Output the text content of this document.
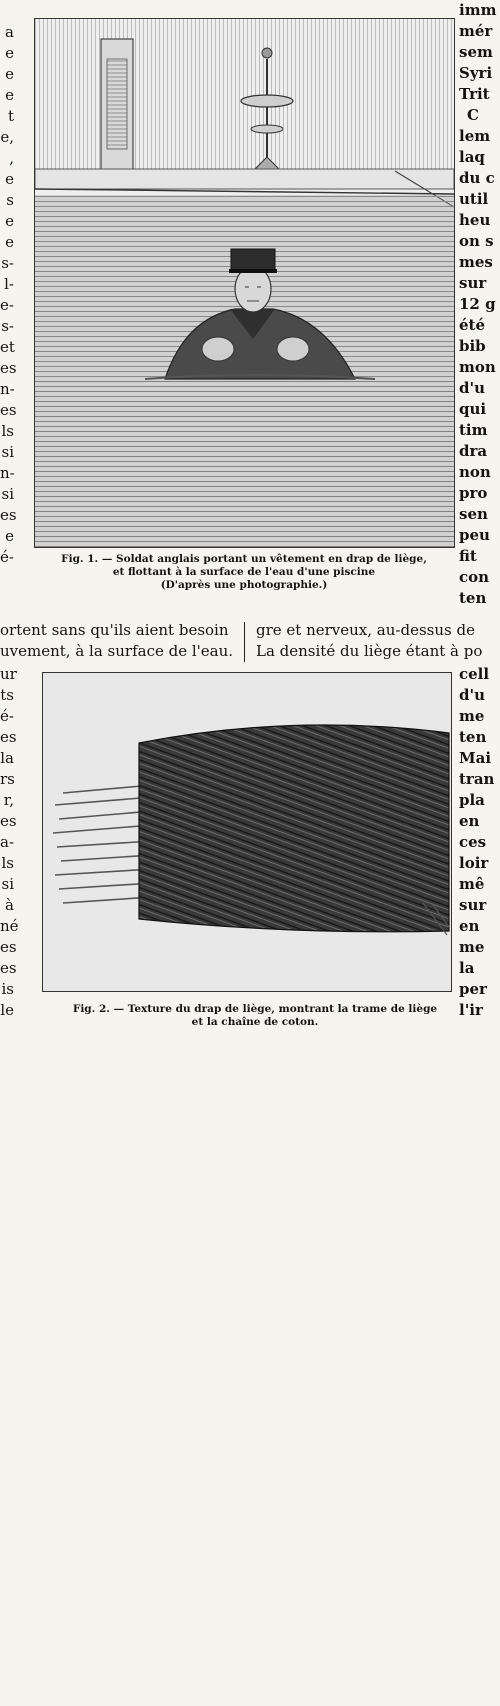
a
e
e
e
t
e,
,
e
s
e
e
s-
l-
e-
s-
et
es
n-
es
ls
si
n-
si
es
e
é-
ur
ts
é-
es
la
rs
r,
es
a-
ls
si
à
né
es
es
is
le
imm
mér
sem
Syri
Trit
C
lem
laq
du c
util
heu
on s
mes
sur
12 g
été
bib
mon
d'u
qui
tim
dra
non
pro
sen
peu
fit
con
ten
cell
d'u
me
ten
Mai
tran
pla
en
ces
loir
mê
sur
en
me
la
per
l'ir
Fig. 1. — Soldat anglais portant un vêtement en drap de liège,
et flottant à la surface de l'eau d'une piscine
(D'après une photographie.)
ortent sans qu'ils aient besoin
uvement, à la surface de l'eau.
gre et nerveux, au-dessus de
La densité du liège étant à po
Fig. 2. — Texture du drap de liège, montrant la trame de liège
et la chaîne de coton.
